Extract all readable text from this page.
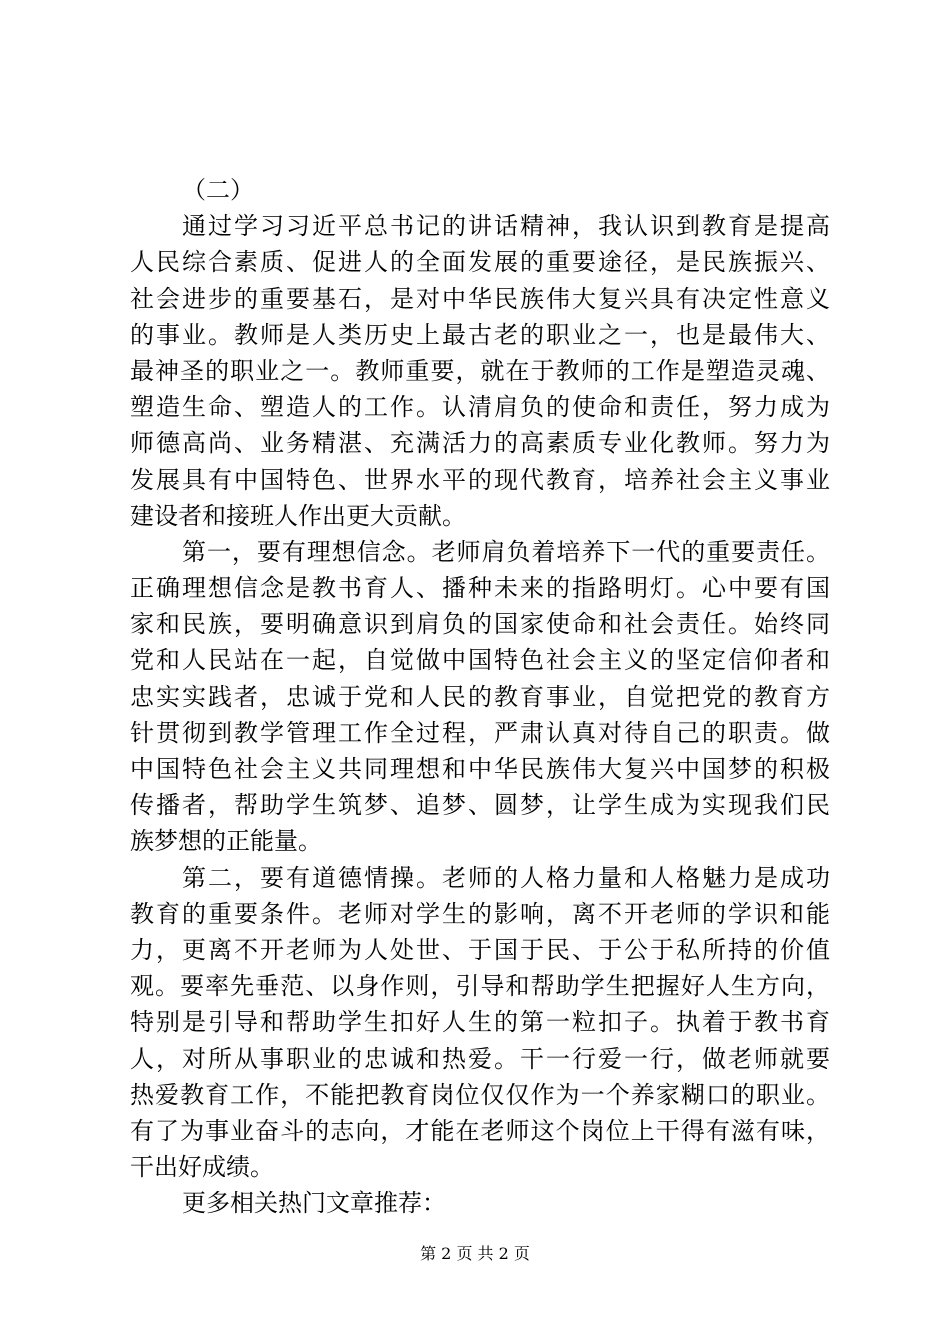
（二）
通过学习习近平总书记的讲话精神，我认识到教育是提高
人民综合素质、促进人的全面发展的重要途径，是民族振兴、
社会进步的重要基石，是对中华民族伟大复兴具有决定性意义
的事业。教师是人类历史上最古老的职业之一，也是最伟大、
最神圣的职业之一。教师重要，就在于教师的工作是塑造灵魂、
塑造生命、塑造人的工作。认清肩负的使命和责任，努力成为
师德高尚、业务精湛、充满活力的高素质专业化教师。努力为
发展具有中国特色、世界水平的现代教育，培养社会主义事业
建设者和接班人作出更大贡献。
第一，要有理想信念。老师肩负着培养下一代的重要责任。
正确理想信念是教书育人、播种未来的指路明灯。心中要有国
家和民族，要明确意识到肩负的国家使命和社会责任。始终同
党和人民站在一起，自觉做中国特色社会主义的坚定信仰者和
忠实实践者，忠诚于党和人民的教育事业，自觉把党的教育方
针贯彻到教学管理工作全过程，严肃认真对待自己的职责。做
中国特色社会主义共同理想和中华民族伟大复兴中国梦的积极
传播者，帮助学生筑梦、追梦、圆梦，让学生成为实现我们民
族梦想的正能量。
第二，要有道德情操。老师的人格力量和人格魅力是成功
教育的重要条件。老师对学生的影响，离不开老师的学识和能
力，更离不开老师为人处世、于国于民、于公于私所持的价值
观。要率先垂范、以身作则，引导和帮助学生把握好人生方向，
特别是引导和帮助学生扣好人生的第一粒扣子。执着于教书育
人，对所从事职业的忠诚和热爱。干一行爱一行，做老师就要
热爱教育工作，不能把教育岗位仅仅作为一个养家糊口的职业。
有了为事业奋斗的志向，才能在老师这个岗位上干得有滋有味，
干出好成绩。
更多相关热门文章推荐：
第 2 页 共 2 页
